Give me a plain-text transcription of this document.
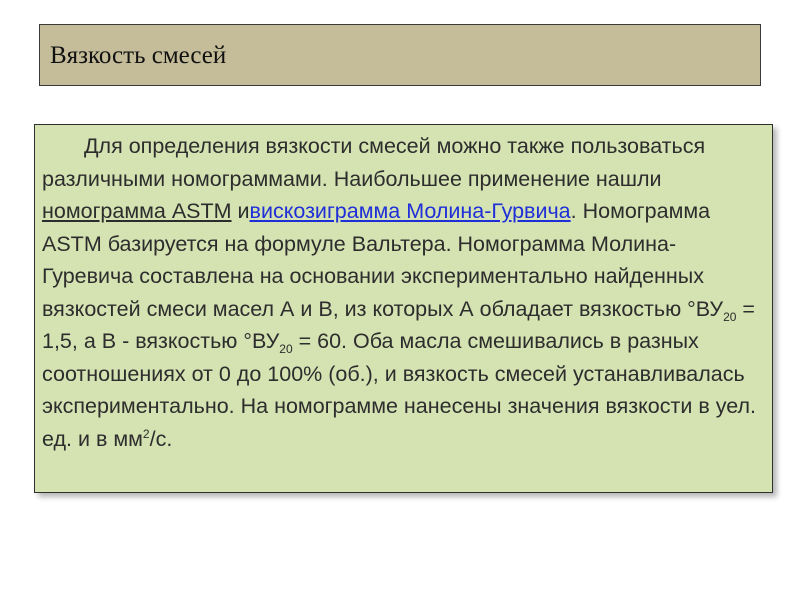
Вязкость смесей

Для определения вязкости смесей можно также пользоваться различными номограммами. Наибольшее применение нашли номограмма ASTM ивискозиграмма Молина-Гурвича. Номограмма ASTM базируется на формуле Вальтера. Номограмма Молина-Гуревича составлена на основании экспериментально найденных вязкостей смеси масел А и В, из которых А обладает вязкостью $^\circ ВУ_{20} = 1,5$, а В - вязкостью $^\circ ВУ_{20} = 60$. Оба масла смешивались в разных соотношениях от 0 до 100% (об.), и вязкость смесей устанавливалась экспериментально. На номограмме нанесены значения вязкости в уел. ед. и в $мм^2/с$.
